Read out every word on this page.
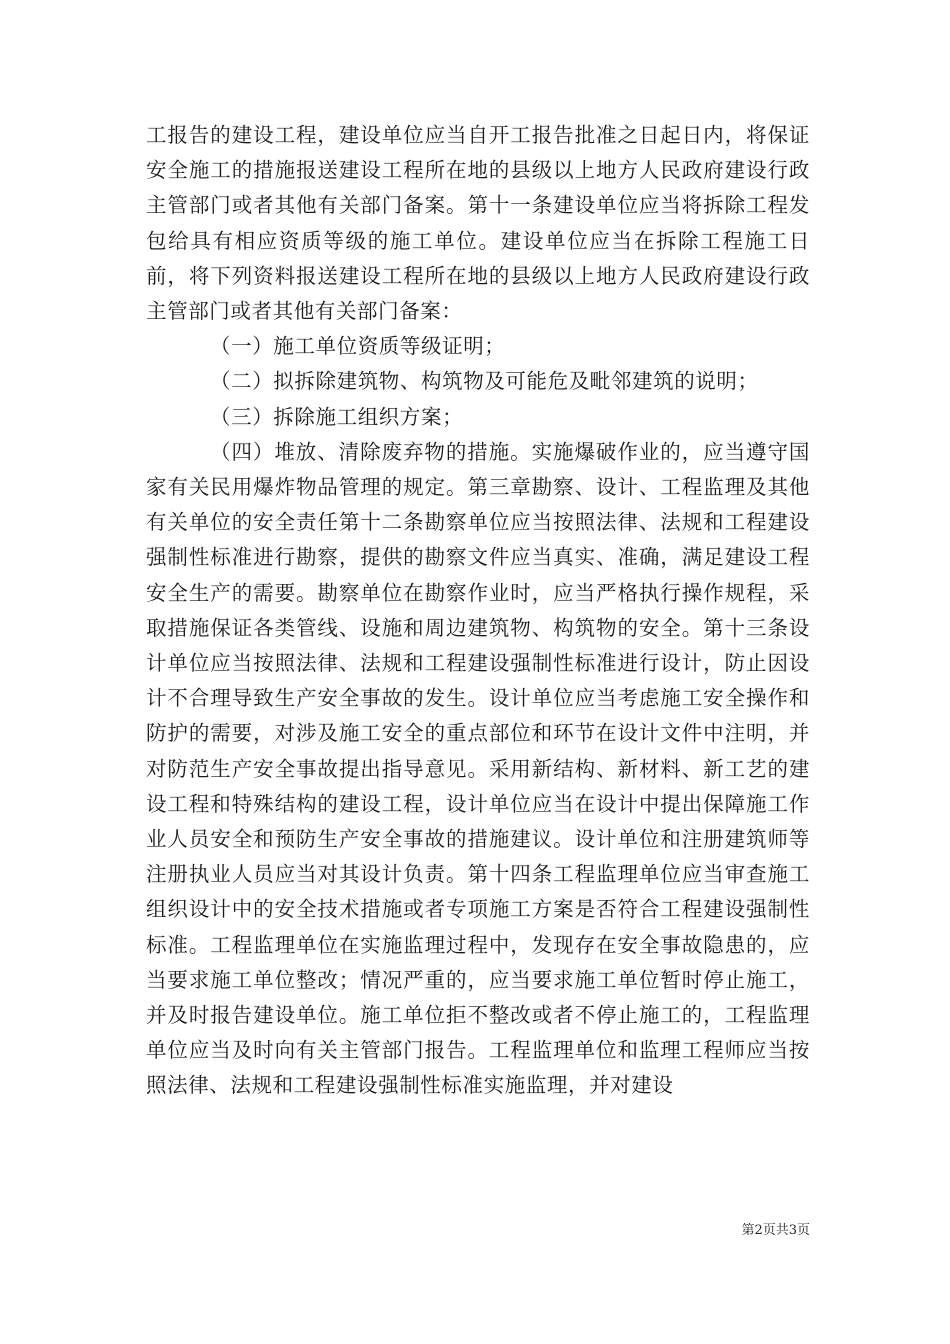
工报告的建设工程，建设单位应当自开工报告批准之日起日内，将保证安全施工的措施报送建设工程所在地的县级以上地方人民政府建设行政主管部门或者其他有关部门备案。第十一条建设单位应当将拆除工程发包给具有相应资质等级的施工单位。建设单位应当在拆除工程施工日前，将下列资料报送建设工程所在地的县级以上地方人民政府建设行政主管部门或者其他有关部门备案：

（一）施工单位资质等级证明；

（二）拟拆除建筑物、构筑物及可能危及毗邻建筑的说明；

（三）拆除施工组织方案；

（四）堆放、清除废弃物的措施。实施爆破作业的，应当遵守国家有关民用爆炸物品管理的规定。第三章勘察、设计、工程监理及其他有关单位的安全责任第十二条勘察单位应当按照法律、法规和工程建设强制性标准进行勘察，提供的勘察文件应当真实、准确，满足建设工程安全生产的需要。勘察单位在勘察作业时，应当严格执行操作规程，采取措施保证各类管线、设施和周边建筑物、构筑物的安全。第十三条设计单位应当按照法律、法规和工程建设强制性标准进行设计，防止因设计不合理导致生产安全事故的发生。设计单位应当考虑施工安全操作和防护的需要，对涉及施工安全的重点部位和环节在设计文件中注明，并对防范生产安全事故提出指导意见。采用新结构、新材料、新工艺的建设工程和特殊结构的建设工程，设计单位应当在设计中提出保障施工作业人员安全和预防生产安全事故的措施建议。设计单位和注册建筑师等注册执业人员应当对其设计负责。第十四条工程监理单位应当审查施工组织设计中的安全技术措施或者专项施工方案是否符合工程建设强制性标准。工程监理单位在实施监理过程中，发现存在安全事故隐患的，应当要求施工单位整改；情况严重的，应当要求施工单位暂时停止施工，并及时报告建设单位。施工单位拒不整改或者不停止施工的，工程监理单位应当及时向有关主管部门报告。工程监理单位和监理工程师应当按照法律、法规和工程建设强制性标准实施监理，并对建设

第2页共3页
